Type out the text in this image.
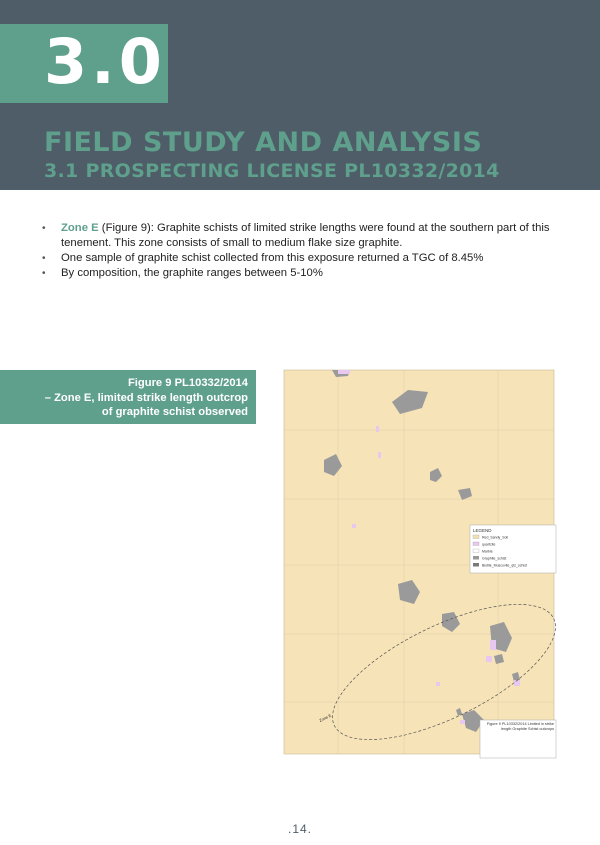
3.0
FIELD STUDY AND ANALYSIS
3.1 PROSPECTING LICENSE PL10332/2014
• Zone E (Figure 9): Graphite schists of limited strike lengths were found at the southern part of this tenement. This zone consists of small to medium flake size graphite.
• One sample of graphite schist collected from this exposure returned a TGC of 8.45%
• By composition, the graphite ranges between 5-10%
Figure 9 PL10332/2014
– Zone E, limited strike length outcrop
of graphite schist observed
LEGEND
Red_Sandy_Soil
quartzite
Marble
Graphite_schist
Biotite_Muscovite_qtz_schist
Zone E
Figure 9 PL10332/2014 Limited in strike length Graphite Schist outcrops
.14.
